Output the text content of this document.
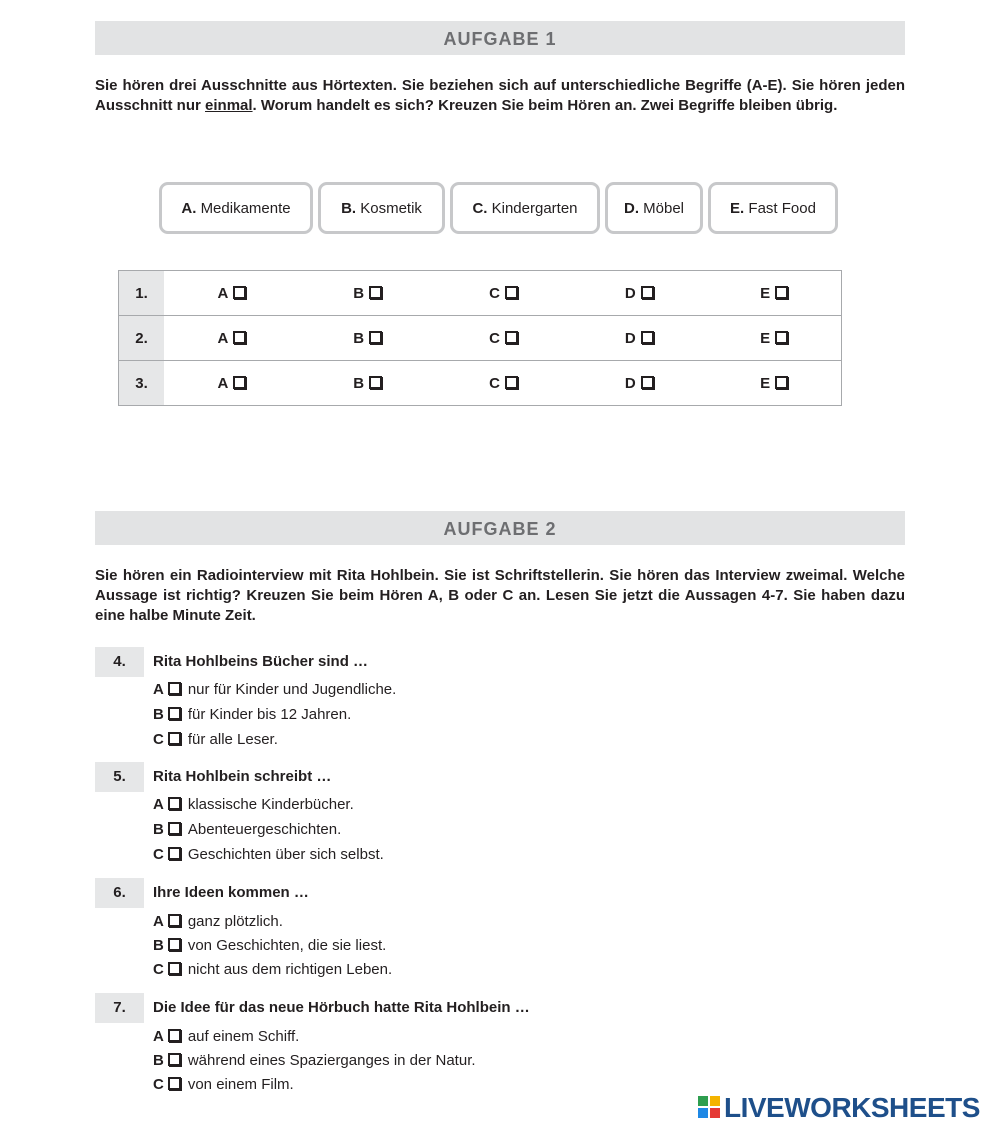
AUFGABE 1

Sie hören drei Ausschnitte aus Hörtexten. Sie beziehen sich auf unterschiedliche Begriffe (A-E). Sie hören jeden Ausschnitt nur einmal. Worum handelt es sich? Kreuzen Sie beim Hören an. Zwei Begriffe bleiben übrig.

A. Medikamente	B. Kosmetik	C. Kindergarten	D. Möbel	E. Fast Food
1.	A	B	C	D	E
2.	A	B	C	D	E
3.	A	B	C	D	E
AUFGABE 2

Sie hören ein Radiointerview mit Rita Hohlbein. Sie ist Schriftstellerin. Sie hören das Interview zweimal. Welche Aussage ist richtig? Kreuzen Sie beim Hören A, B oder C an. Lesen Sie jetzt die Aussagen 4-7. Sie haben dazu eine halbe Minute Zeit.

4.	Rita Hohlbeins Bücher sind …
A nur für Kinder und Jugendliche.
B für Kinder bis 12 Jahren.
C für alle Leser.
5.	Rita Hohlbein schreibt …
A klassische Kinderbücher.
B Abenteuergeschichten.
C Geschichten über sich selbst.
6.	Ihre Ideen kommen …
A ganz plötzlich.
B von Geschichten, die sie liest.
C nicht aus dem richtigen Leben.
7.	Die Idee für das neue Hörbuch hatte Rita Hohlbein …
A auf einem Schiff.
B während eines Spazierganges in der Natur.
C von einem Film.
LIVEWORKSHEETS
